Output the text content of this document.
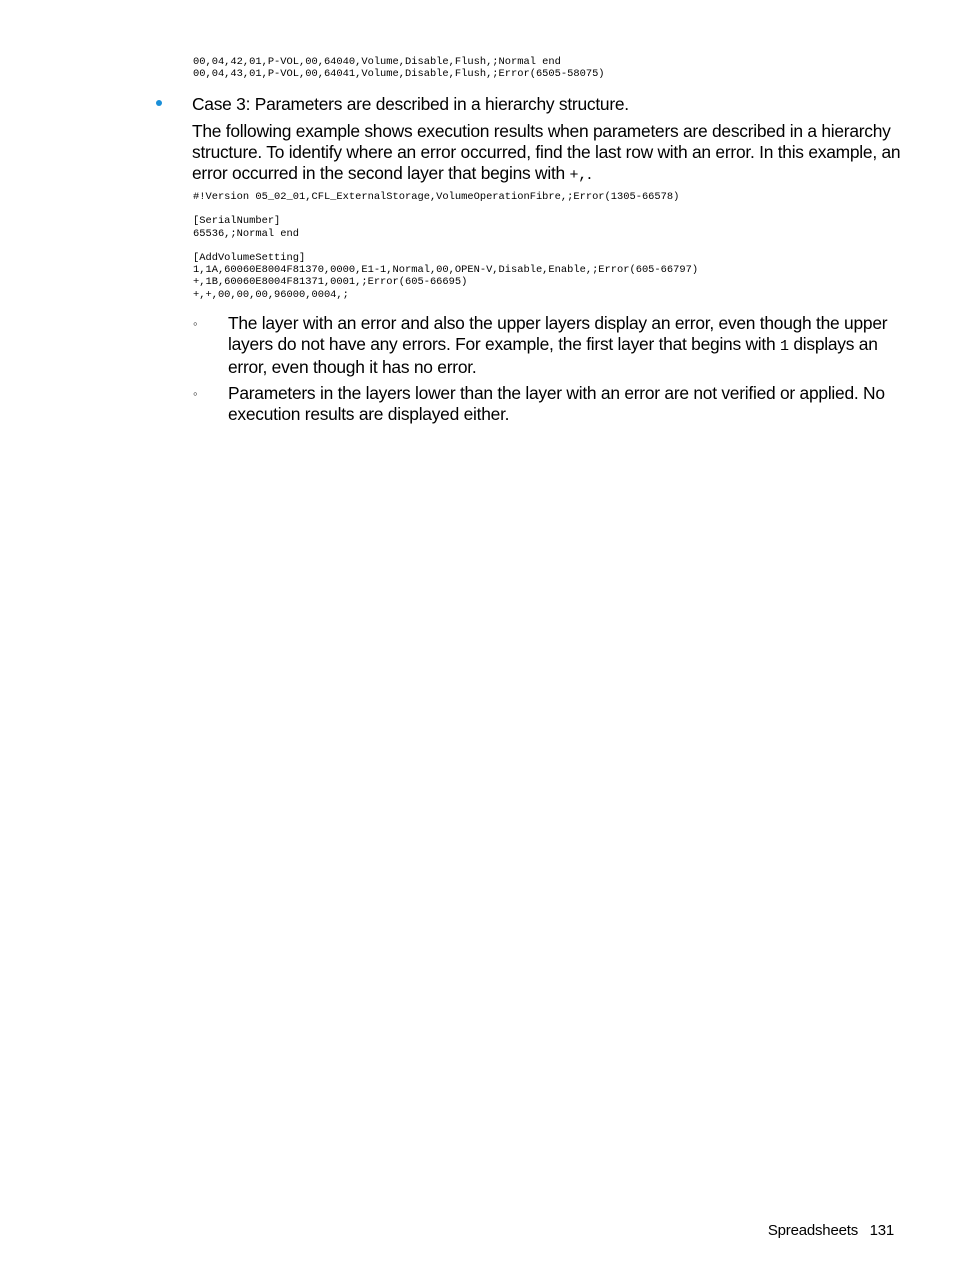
00,04,42,01,P-VOL,00,64040,Volume,Disable,Flush,;Normal end
00,04,43,01,P-VOL,00,64041,Volume,Disable,Flush,;Error(6505-58075)

Case 3: Parameters are described in a hierarchy structure.

The following example shows execution results when parameters are described in a hierarchy structure. To identify where an error occurred, find the last row with an error. In this example, an error occurred in the second layer that begins with +,.

#!Version 05_02_01,CFL_ExternalStorage,VolumeOperationFibre,;Error(1305-66578)

[SerialNumber]
65536,;Normal end

[AddVolumeSetting]
1,1A,60060E8004F81370,0000,E1-1,Normal,00,OPEN-V,Disable,Enable,;Error(605-66797)
+,1B,60060E8004F81371,0001,;Error(605-66695)
+,+,00,00,00,96000,0004,;
◦ The layer with an error and also the upper layers display an error, even though the upper layers do not have any errors. For example, the first layer that begins with 1 displays an error, even though it has no error.

◦ Parameters in the layers lower than the layer with an error are not verified or applied. No execution results are displayed either.

Spreadsheets 131
